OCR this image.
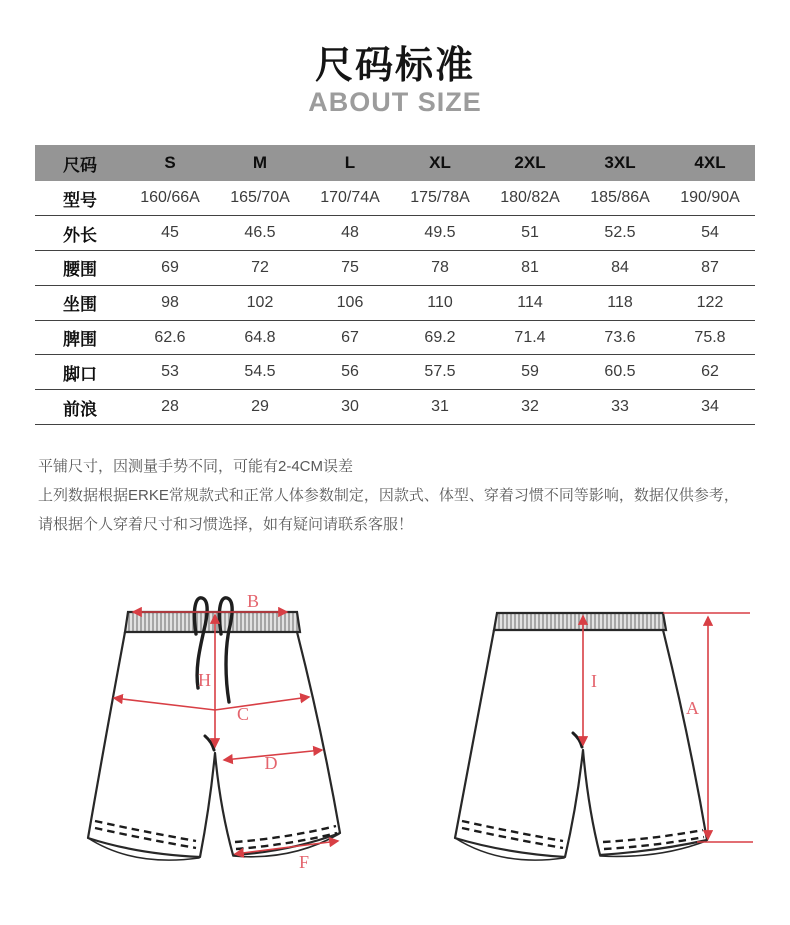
尺码标准
ABOUT SIZE
尺码	S	M	L	XL	2XL	3XL	4XL
型号	160/66A	165/70A	170/74A	175/78A	180/82A	185/86A	190/90A
外长	45	46.5	48	49.5	51	52.5	54
腰围	69	72	75	78	81	84	87
坐围	98	102	106	110	114	118	122
脾围	62.6	64.8	67	69.2	71.4	73.6	75.8
脚口	53	54.5	56	57.5	59	60.5	62
前浪	28	29	30	31	32	33	34

平铺尺寸，因测量手势不同，可能有2-4CM误差

上列数据根据ERKE常规款式和正常人体参数制定，因款式、体型、穿着习惯不同等影响，数据仅供参考，

请根据个人穿着尺寸和习惯选择，如有疑问请联系客服！

B
H
C
D
F
I
A
